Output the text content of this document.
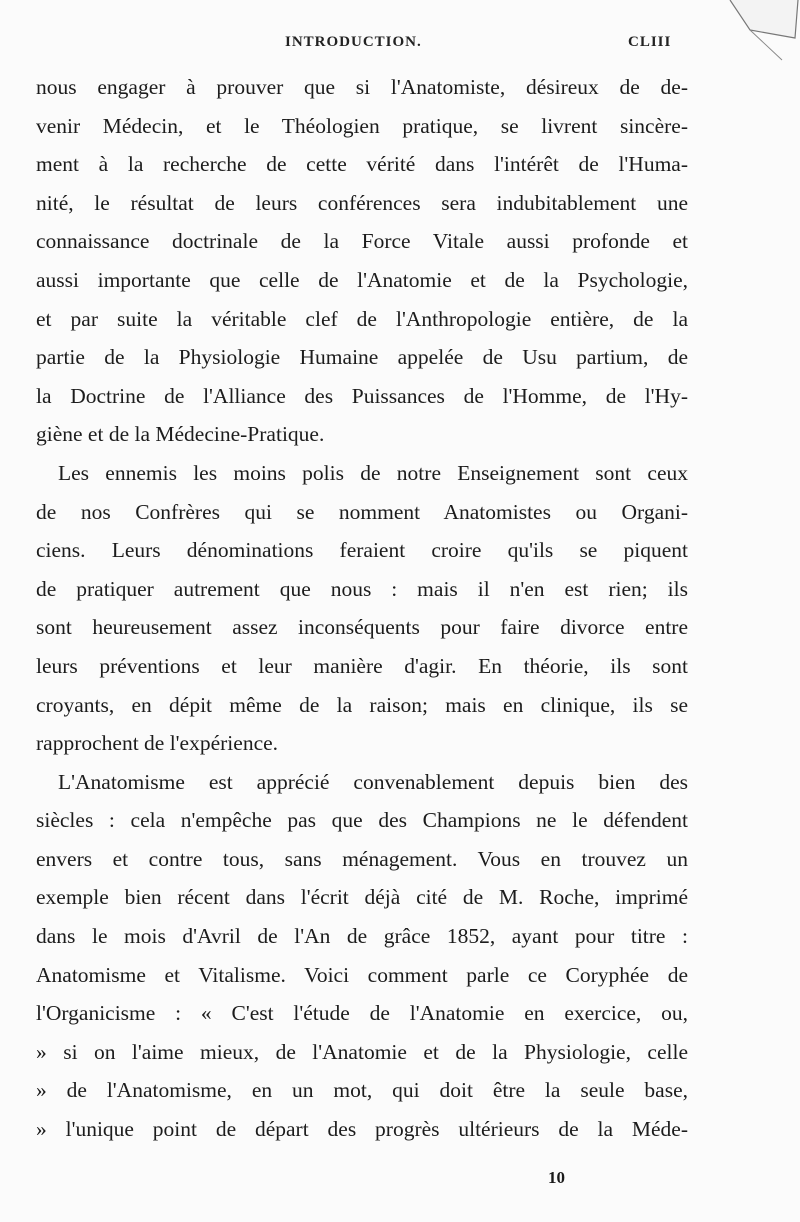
INTRODUCTION.	CLIII
nous engager à prouver que si l'Anatomiste, désireux de de-
venir Médecin, et le Théologien pratique, se livrent sincère-
ment à la recherche de cette vérité dans l'intérêt de l'Huma-
nité, le résultat de leurs conférences sera indubitablement une
connaissance doctrinale de la Force Vitale aussi profonde et
aussi importante que celle de l'Anatomie et de la Psychologie,
et par suite la véritable clef de l'Anthropologie entière, de la
partie de la Physiologie Humaine appelée de Usu partium, de
la Doctrine de l'Alliance des Puissances de l'Homme, de l'Hy-
giène et de la Médecine-Pratique.
Les ennemis les moins polis de notre Enseignement sont ceux
de nos Confrères qui se nomment Anatomistes ou Organi-
ciens. Leurs dénominations feraient croire qu'ils se piquent
de pratiquer autrement que nous : mais il n'en est rien; ils
sont heureusement assez inconséquents pour faire divorce entre
leurs préventions et leur manière d'agir. En théorie, ils sont
croyants, en dépit même de la raison; mais en clinique, ils se
rapprochent de l'expérience.
L'Anatomisme est apprécié convenablement depuis bien des
siècles : cela n'empêche pas que des Champions ne le défendent
envers et contre tous, sans ménagement. Vous en trouvez un
exemple bien récent dans l'écrit déjà cité de M. Roche, imprimé
dans le mois d'Avril de l'An de grâce 1852, ayant pour titre :
Anatomisme et Vitalisme. Voici comment parle ce Coryphée de
l'Organicisme : « C'est l'étude de l'Anatomie en exercice, ou,
» si on l'aime mieux, de l'Anatomie et de la Physiologie, celle
» de l'Anatomisme, en un mot, qui doit être la seule base,
» l'unique point de départ des progrès ultérieurs de la Méde-
10
